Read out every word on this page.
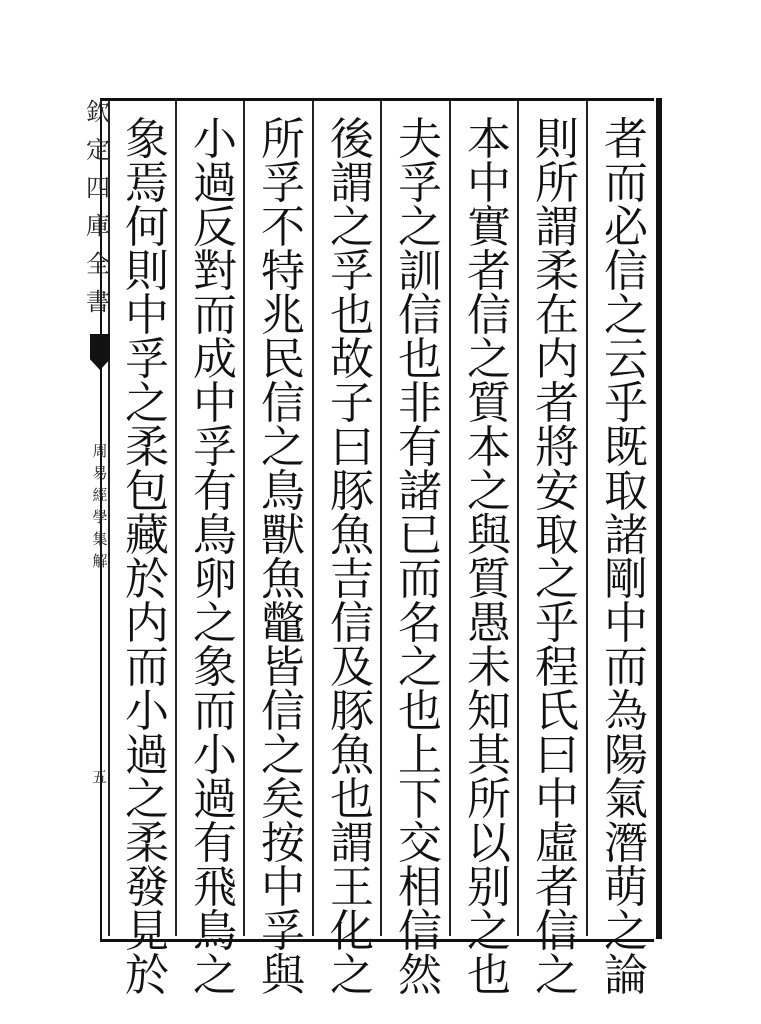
欽
定
四
庫
全
書
周
易
經
學
集
解
五
者
而
必
信
之
云
乎
既
取
諸
剛
中
而
為
陽
氣
潛
萌
之
論
則
所
謂
柔
在
内
者
將
安
取
之
乎
程
氏
曰
中
虛
者
信
之
本
中
實
者
信
之
質
本
之
與
質
愚
未
知
其
所
以
别
之
也
夫
孚
之
訓
信
也
非
有
諸
已
而
名
之
也
上
下
交
相
信
然
後
謂
之
孚
也
故
子
曰
豚
魚
吉
信
及
豚
魚
也
謂
王
化
之
所
孚
不
特
兆
民
信
之
鳥
獸
魚
鼈
皆
信
之
矣
按
中
孚
與
小
過
反
對
而
成
中
孚
有
鳥
卵
之
象
而
小
過
有
飛
鳥
之
象
焉
何
則
中
孚
之
柔
包
藏
於
内
而
小
過
之
柔
發
見
於
